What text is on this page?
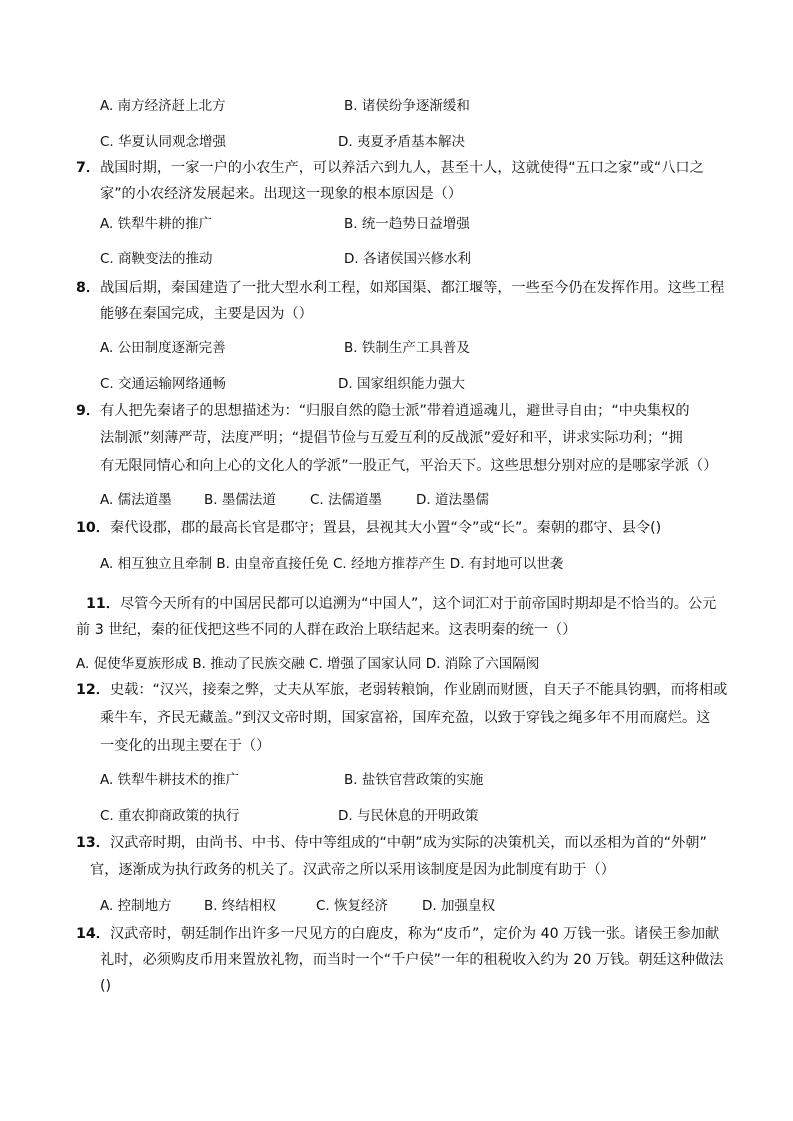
A. 南方经济赶上北方	B. 诸侯纷争逐渐缓和
C. 华夏认同观念增强	D. 夷夏矛盾基本解决
7．战国时期，一家一户的小农生产，可以养活六到九人，甚至十人，这就使得“五口之家”或“八口之
家”的小农经济发展起来。出现这一现象的根本原因是（）
A. 铁犁牛耕的推广	B. 统一趋势日益增强
C. 商鞅变法的推动	D. 各诸侯国兴修水利
8．战国后期，秦国建造了一批大型水利工程，如郑国渠、都江堰等，一些至今仍在发挥作用。这些工程
能够在秦国完成，主要是因为（）
A. 公田制度逐渐完善	B. 铁制生产工具普及
C. 交通运输网络通畅	D. 国家组织能力强大
9．有人把先秦诸子的思想描述为：“归服自然的隐士派”带着逍遥魂儿，避世寻自由；“中央集权的
法制派”刻薄严苛，法度严明；“提倡节俭与互爱互利的反战派”爱好和平，讲求实际功利；“拥
有无限同情心和向上心的文化人的学派”一股正气，平治天下。这些思想分别对应的是哪家学派（）
A. 儒法道墨 B. 墨儒法道	C. 法儒道墨	D. 道法墨儒
10．秦代设郡，郡的最高长官是郡守；置县，县视其大小置“令”或“长”。秦朝的郡守、县令()
A. 相互独立且牵制 B. 由皇帝直接任免 C. 经地方推荐产生 D. 有封地可以世袭
11．尽管今天所有的中国居民都可以追溯为“中国人”，这个词汇对于前帝国时期却是不恰当的。公元
前 3 世纪，秦的征伐把这些不同的人群在政治上联结起来。这表明秦的统一（）
A. 促使华夏族形成 B. 推动了民族交融 C. 增强了国家认同 D. 消除了六国隔阂
12．史载：“汉兴，接秦之弊，丈夫从军旅，老弱转粮饷，作业剧而财匮，自天子不能具钧驷，而将相或
乘牛车，齐民无藏盖。”到汉文帝时期，国家富裕，国库充盈，以致于穿钱之绳多年不用而腐烂。这
一变化的出现主要在于（）
A. 铁犁牛耕技术的推广	B. 盐铁官营政策的实施
C. 重农抑商政策的执行	D. 与民休息的开明政策
13．汉武帝时期，由尚书、中书、侍中等组成的“中朝”成为实际的决策机关，而以丞相为首的“外朝”
官，逐渐成为执行政务的机关了。汉武帝之所以采用该制度是因为此制度有助于（）
A. 控制地方 B. 终结相权	C. 恢复经济	D. 加强皇权
14．汉武帝时，朝廷制作出许多一尺见方的白鹿皮，称为“皮币”，定价为 40 万钱一张。诸侯王参加献
礼时，必须购皮币用来置放礼物，而当时一个“千户侯”一年的租税收入约为 20 万钱。朝廷这种做法
()
